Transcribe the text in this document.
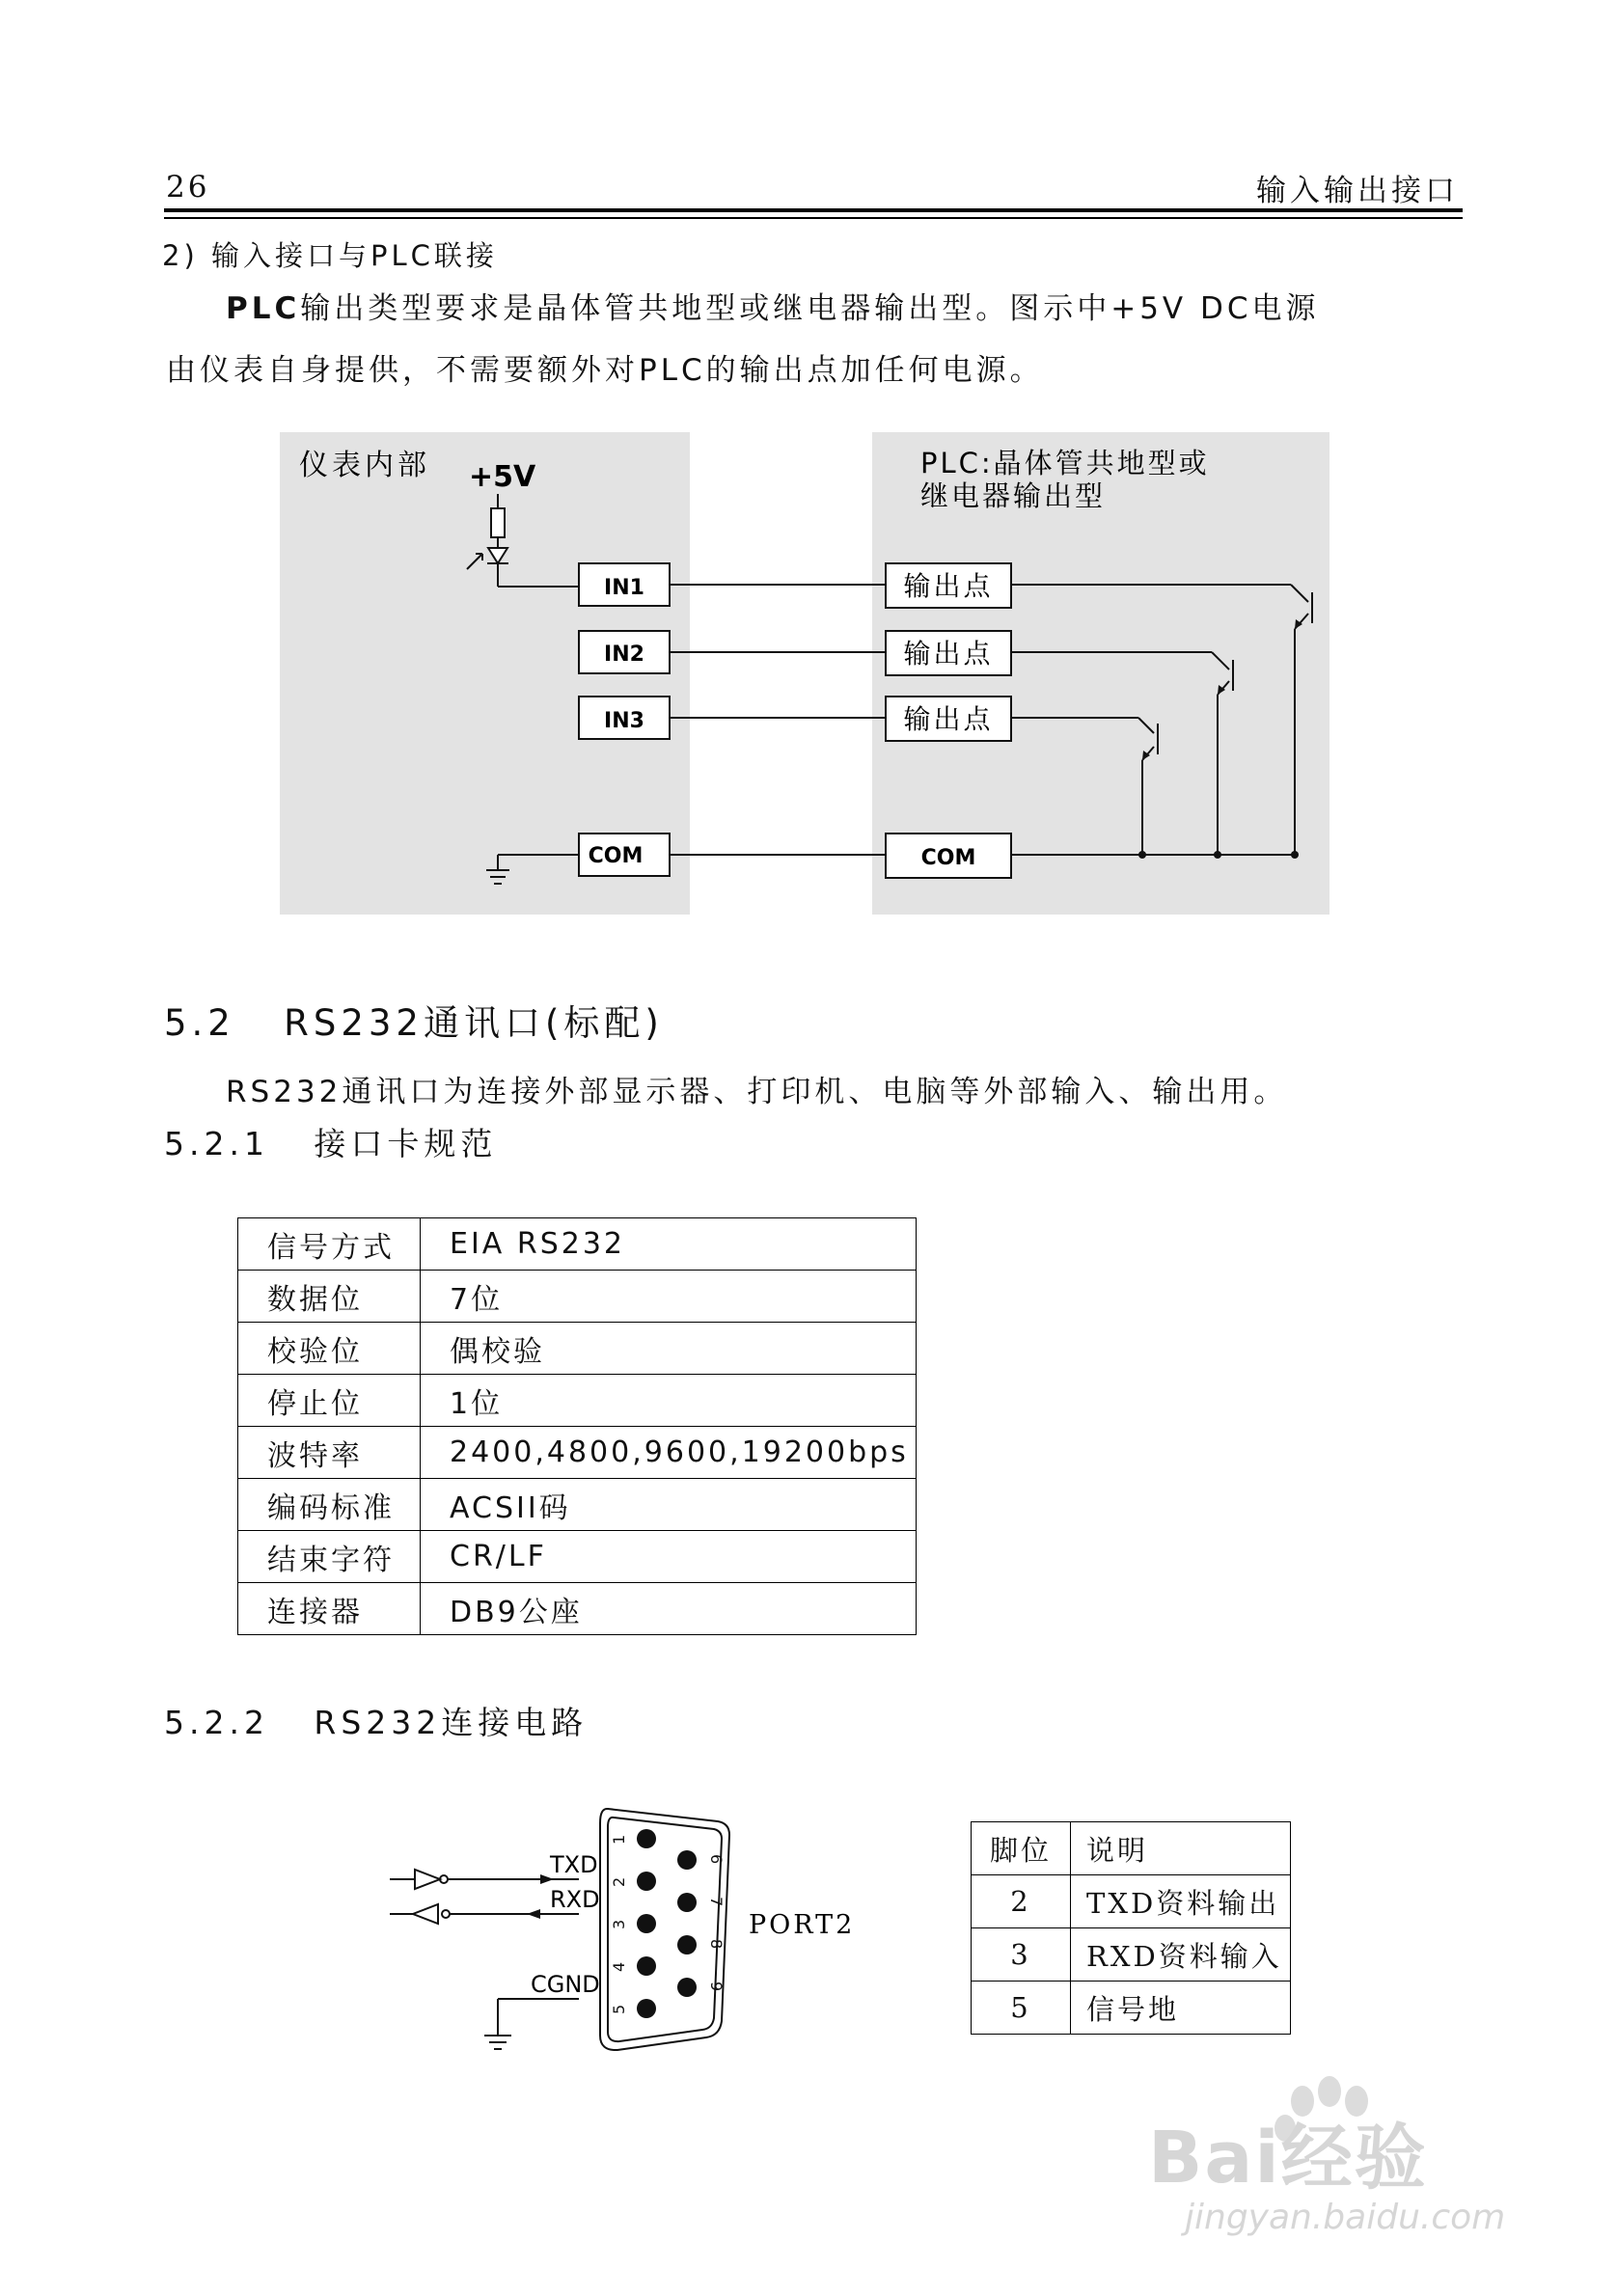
26	输入输出接口
2) 输入接口与PLC联接
PLC输出类型要求是晶体管共地型或继电器输出型。图示中+5V DC电源
由仪表自身提供，不需要额外对PLC的输出点加任何电源。
仪表内部 +5V	PLC:晶体管共地型或
继电器输出型
IN1
IN2
IN3
COM
输出点
输出点
输出点
COM
5.2   RS232通讯口(标配)
RS232通讯口为连接外部显示器、打印机、电脑等外部输入、输出用。
5.2.1   接口卡规范
信号方式	EIA RS232
数据位	7位
校验位	偶校验
停止位	1位
波特率	2400,4800,9600,19200bps
编码标准	ACSII码
结束字符	CR/LF
连接器	DB9公座
5.2.2   RS232连接电路
1
2
3
4
5
6
7
8
9
TXD
RXD
CGND
PORT2
脚位	说明
2	TXD资料输出
3	RXD资料输入
5	信号地
Bai经验
jingyan.baidu.com
